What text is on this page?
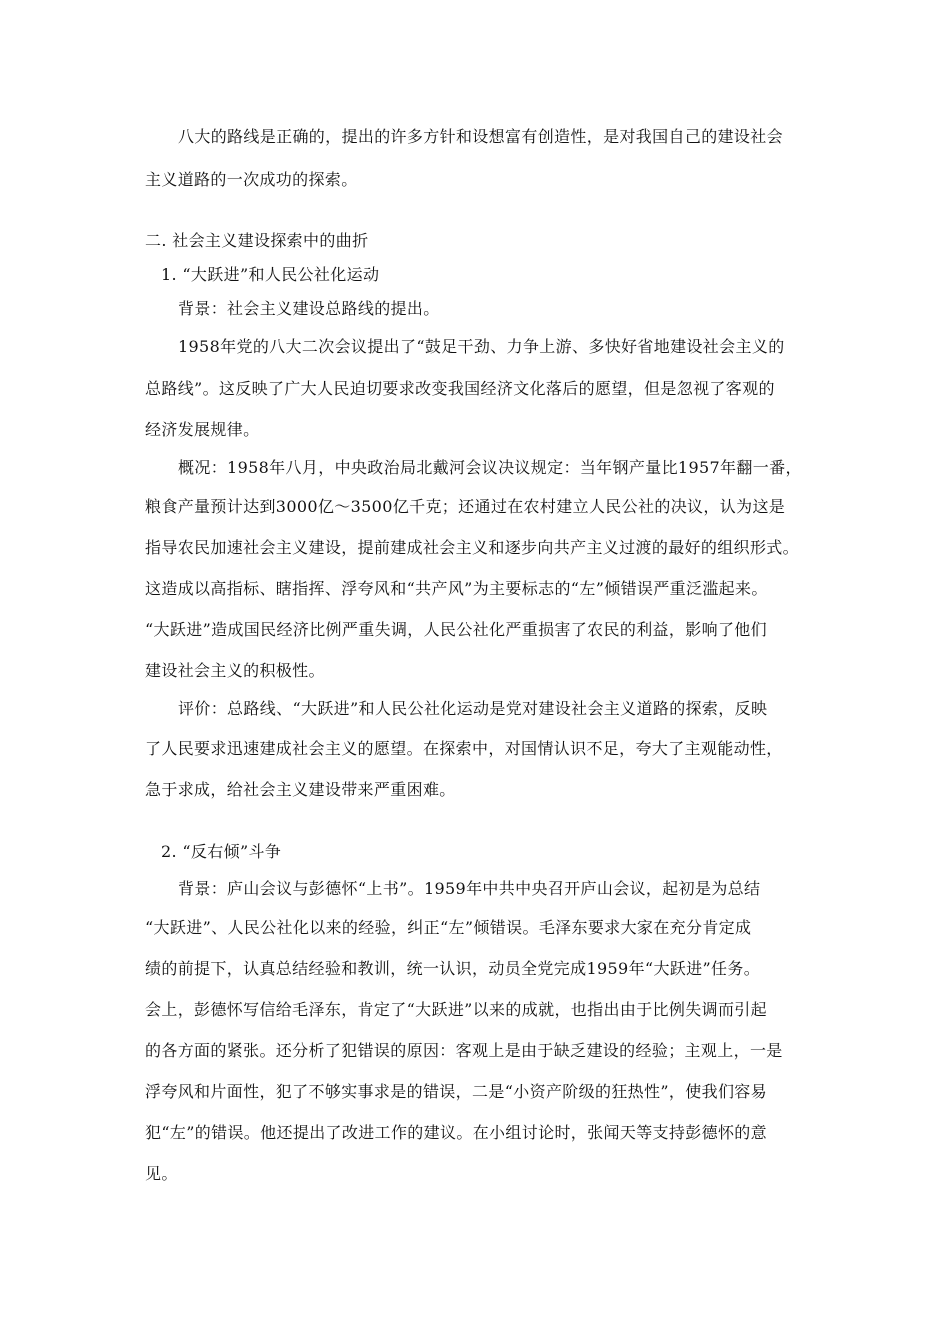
八大的路线是正确的，提出的许多方针和设想富有创造性，是对我国自己的建设社会
主义道路的一次成功的探索。
二. 社会主义建设探索中的曲折
1. “大跃进”和人民公社化运动
背景：社会主义建设总路线的提出。
1958年党的八大二次会议提出了“鼓足干劲、力争上游、多快好省地建设社会主义的
总路线”。这反映了广大人民迫切要求改变我国经济文化落后的愿望，但是忽视了客观的
经济发展规律。
概况：1958年八月，中央政治局北戴河会议决议规定：当年钢产量比1957年翻一番，
粮食产量预计达到3000亿～3500亿千克；还通过在农村建立人民公社的决议，认为这是
指导农民加速社会主义建设，提前建成社会主义和逐步向共产主义过渡的最好的组织形式。
这造成以高指标、瞎指挥、浮夸风和“共产风”为主要标志的“左”倾错误严重泛滥起来。
“大跃进”造成国民经济比例严重失调，人民公社化严重损害了农民的利益，影响了他们
建设社会主义的积极性。
评价：总路线、“大跃进”和人民公社化运动是党对建设社会主义道路的探索，反映
了人民要求迅速建成社会主义的愿望。在探索中，对国情认识不足，夸大了主观能动性，
急于求成，给社会主义建设带来严重困难。
2. “反右倾”斗争
背景：庐山会议与彭德怀“上书”。1959年中共中央召开庐山会议，起初是为总结
“大跃进”、人民公社化以来的经验，纠正“左”倾错误。毛泽东要求大家在充分肯定成
绩的前提下，认真总结经验和教训，统一认识，动员全党完成1959年“大跃进”任务。
会上，彭德怀写信给毛泽东，肯定了“大跃进”以来的成就，也指出由于比例失调而引起
的各方面的紧张。还分析了犯错误的原因：客观上是由于缺乏建设的经验；主观上，一是
浮夸风和片面性，犯了不够实事求是的错误，二是“小资产阶级的狂热性”，使我们容易
犯“左”的错误。他还提出了改进工作的建议。在小组讨论时，张闻天等支持彭德怀的意
见。
